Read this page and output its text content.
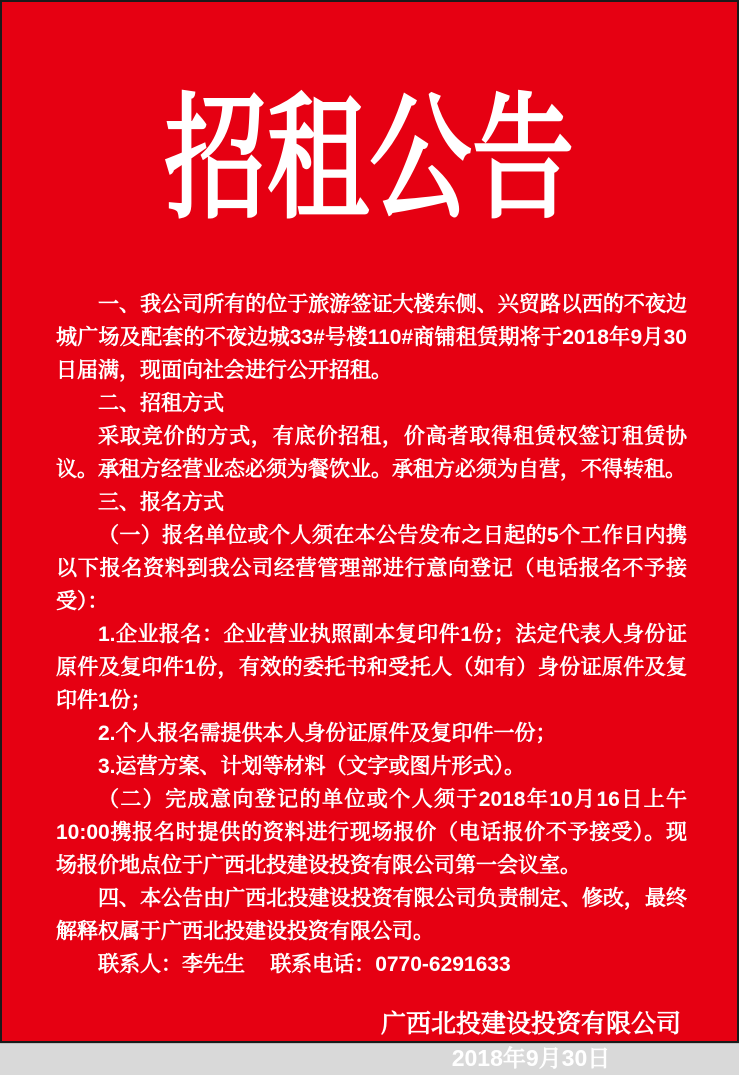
招租公告

一、我公司所有的位于旅游签证大楼东侧、兴贸路以西的不夜边城广场及配套的不夜边城33#号楼110#商铺租赁期将于2018年9月30日届满，现面向社会进行公开招租。

二、招租方式

采取竞价的方式，有底价招租，价高者取得租赁权签订租赁协议。承租方经营业态必须为餐饮业。承租方必须为自营，不得转租。

三、报名方式

（一）报名单位或个人须在本公告发布之日起的5个工作日内携以下报名资料到我公司经营管理部进行意向登记（电话报名不予接受）：

1.企业报名：企业营业执照副本复印件1份；法定代表人身份证原件及复印件1份，有效的委托书和受托人（如有）身份证原件及复印件1份；

2.个人报名需提供本人身份证原件及复印件一份；

3.运营方案、计划等材料（文字或图片形式）。

（二）完成意向登记的单位或个人须于2018年10月16日上午10:00携报名时提供的资料进行现场报价（电话报价不予接受）。现场报价地点位于广西北投建设投资有限公司第一会议室。

四、本公告由广西北投建设投资有限公司负责制定、修改，最终解释权属于广西北投建设投资有限公司。

联系人：李先生 联系电话：0770-6291633
广西北投建设投资有限公司
2018年9月30日
